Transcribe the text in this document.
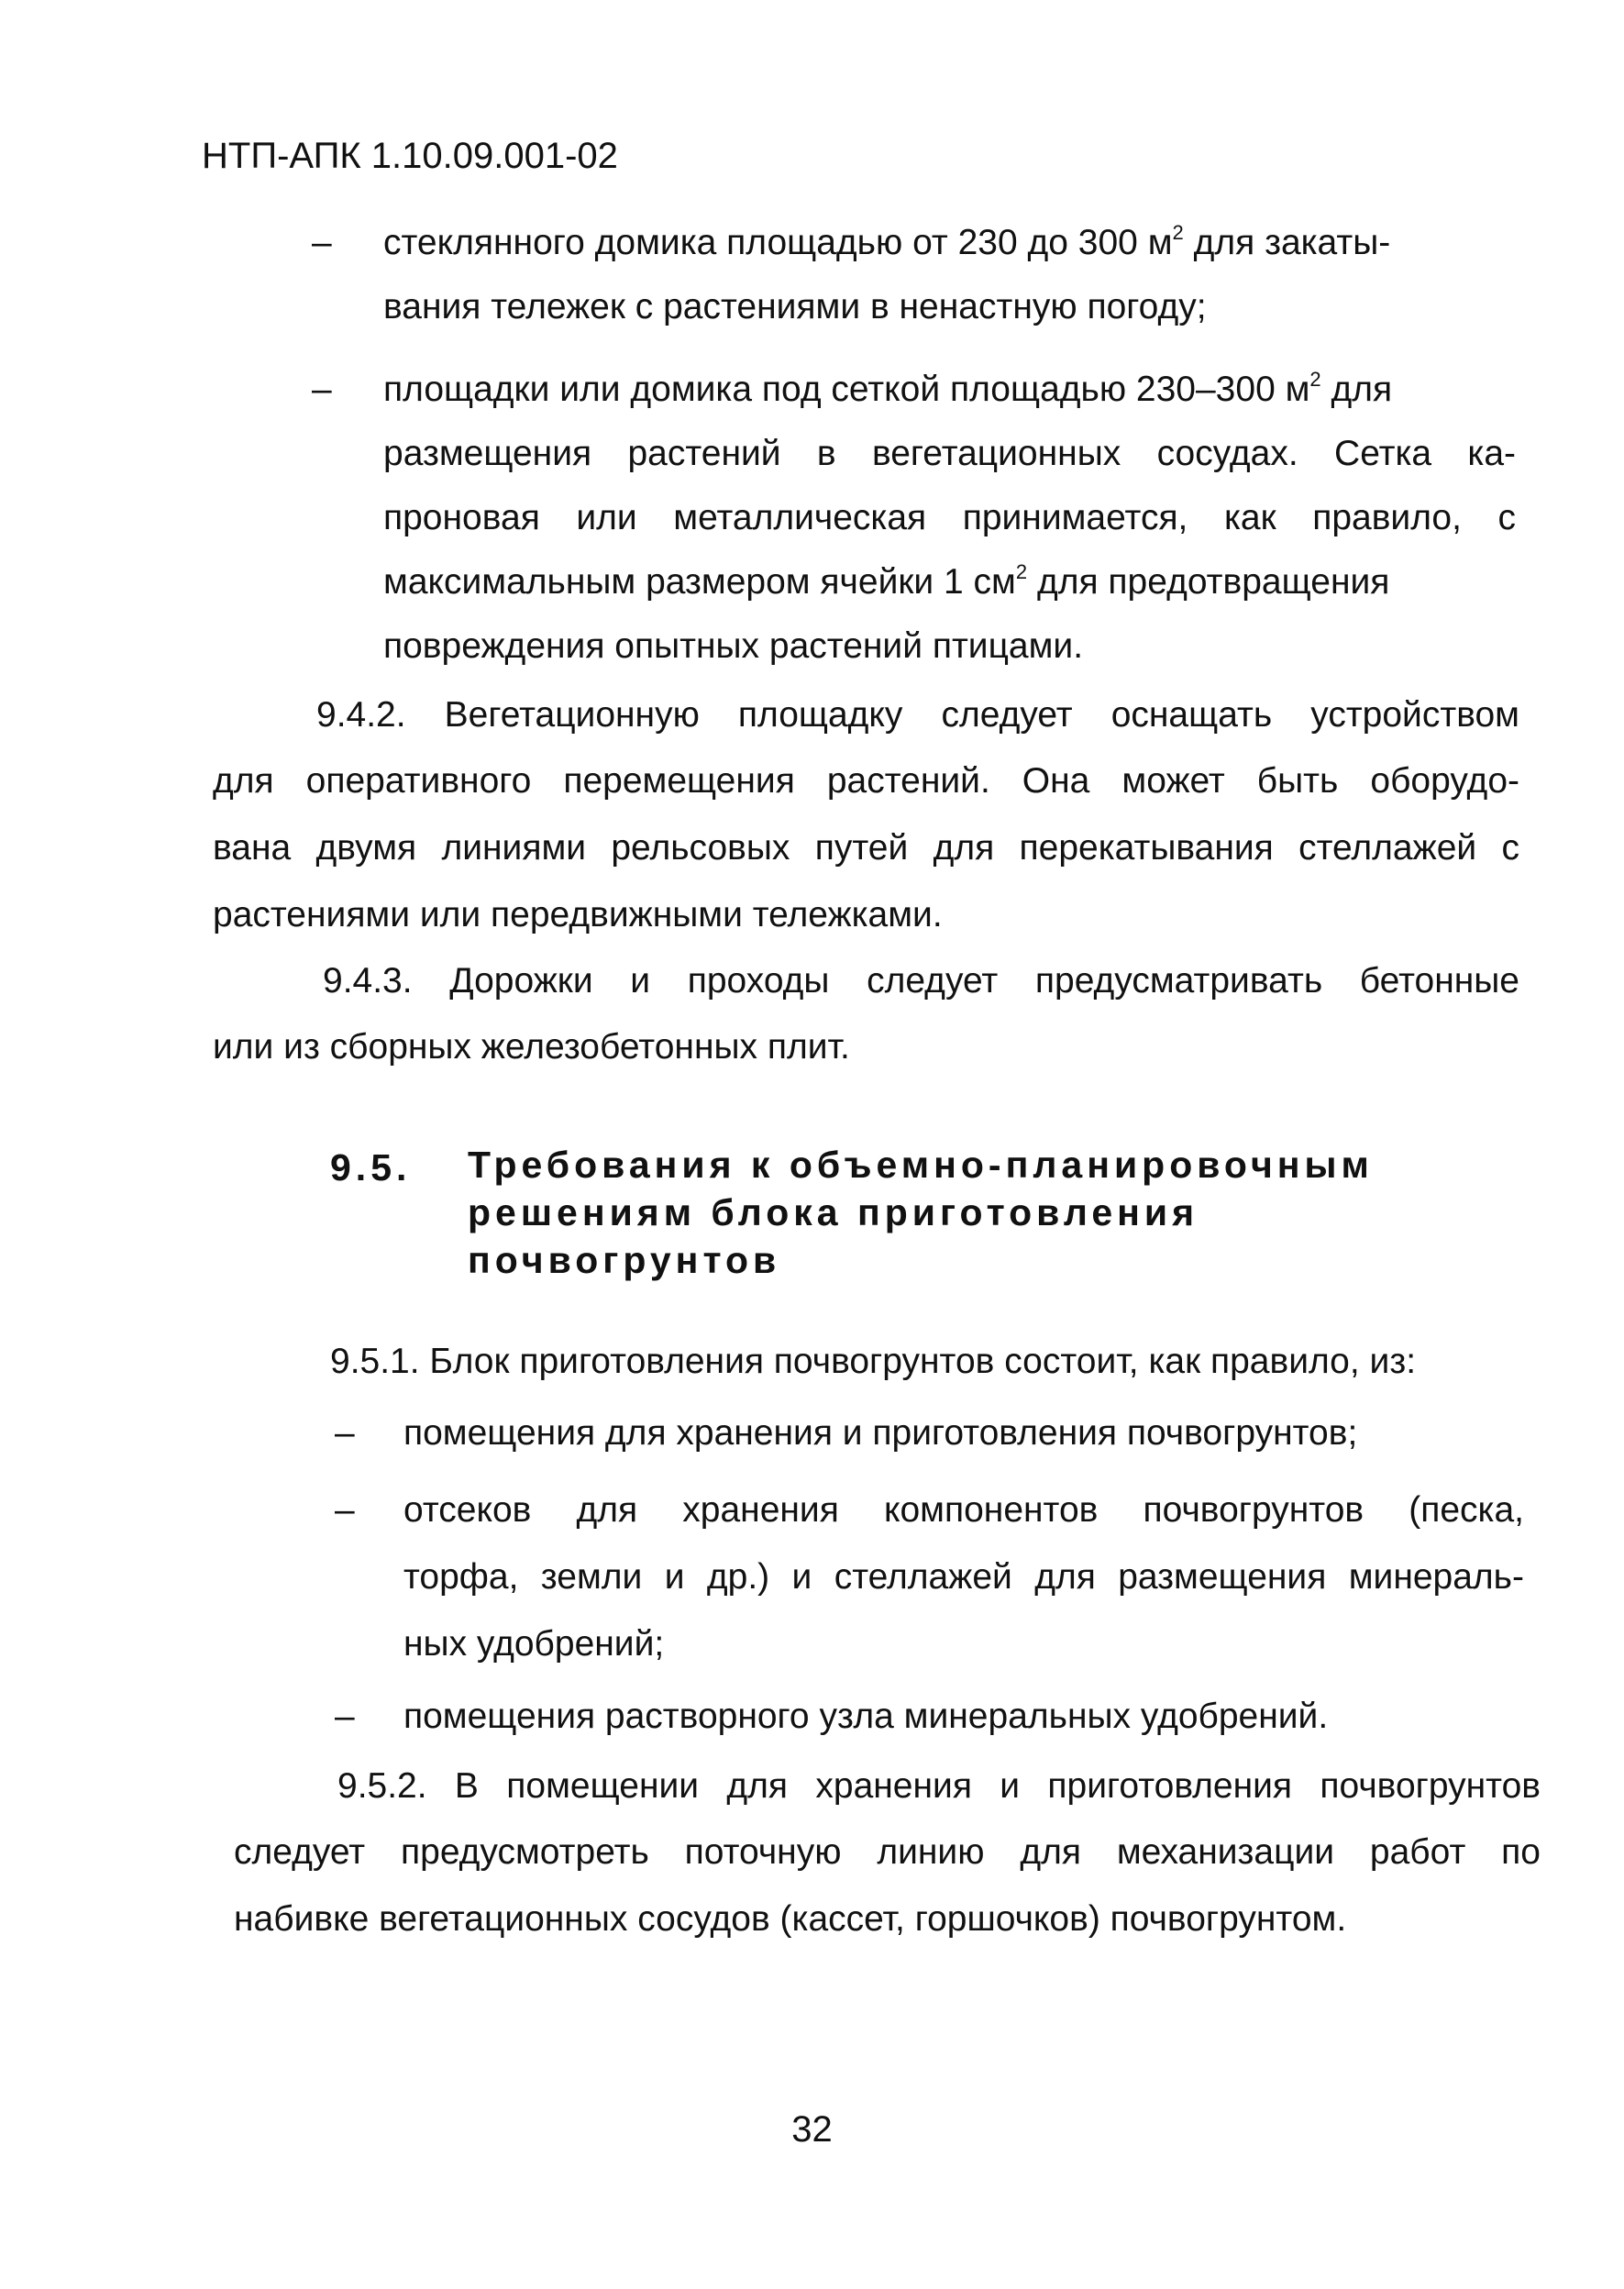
НТП-АПК 1.10.09.001-02
– стеклянного домика площадью от 230 до 300 $м^2$ для закаты-
вания тележек с растениями в ненастную погоду;
– площадки или домика под сеткой площадью 230–300 $м^2$ для
размещения растений в вегетационных сосудах. Сетка ка-
проновая или металлическая принимается, как правило, с
максимальным размером ячейки 1 $см^2$ для предотвращения
повреждения опытных растений птицами.
9.4.2. Вегетационную площадку следует оснащать устройством
для оперативного перемещения растений. Она может быть оборудо-
вана двумя линиями рельсовых путей для перекатывания стеллажей с
растениями или передвижными тележками.
9.4.3. Дорожки и проходы следует предусматривать бетонные
или из сборных железобетонных плит.
9.5. Требования к объемно-планировочным
решениям блока приготовления
почвогрунтов
9.5.1. Блок приготовления почвогрунтов состоит, как правило, из:
– помещения для хранения и приготовления почвогрунтов;
– отсеков для хранения компонентов почвогрунтов (песка,
торфа, земли и др.) и стеллажей для размещения минераль-
ных удобрений;
– помещения растворного узла минеральных удобрений.
9.5.2. В помещении для хранения и приготовления почвогрунтов
следует предусмотреть поточную линию для механизации работ по
набивке вегетационных сосудов (кассет, горшочков) почвогрунтом.
32
